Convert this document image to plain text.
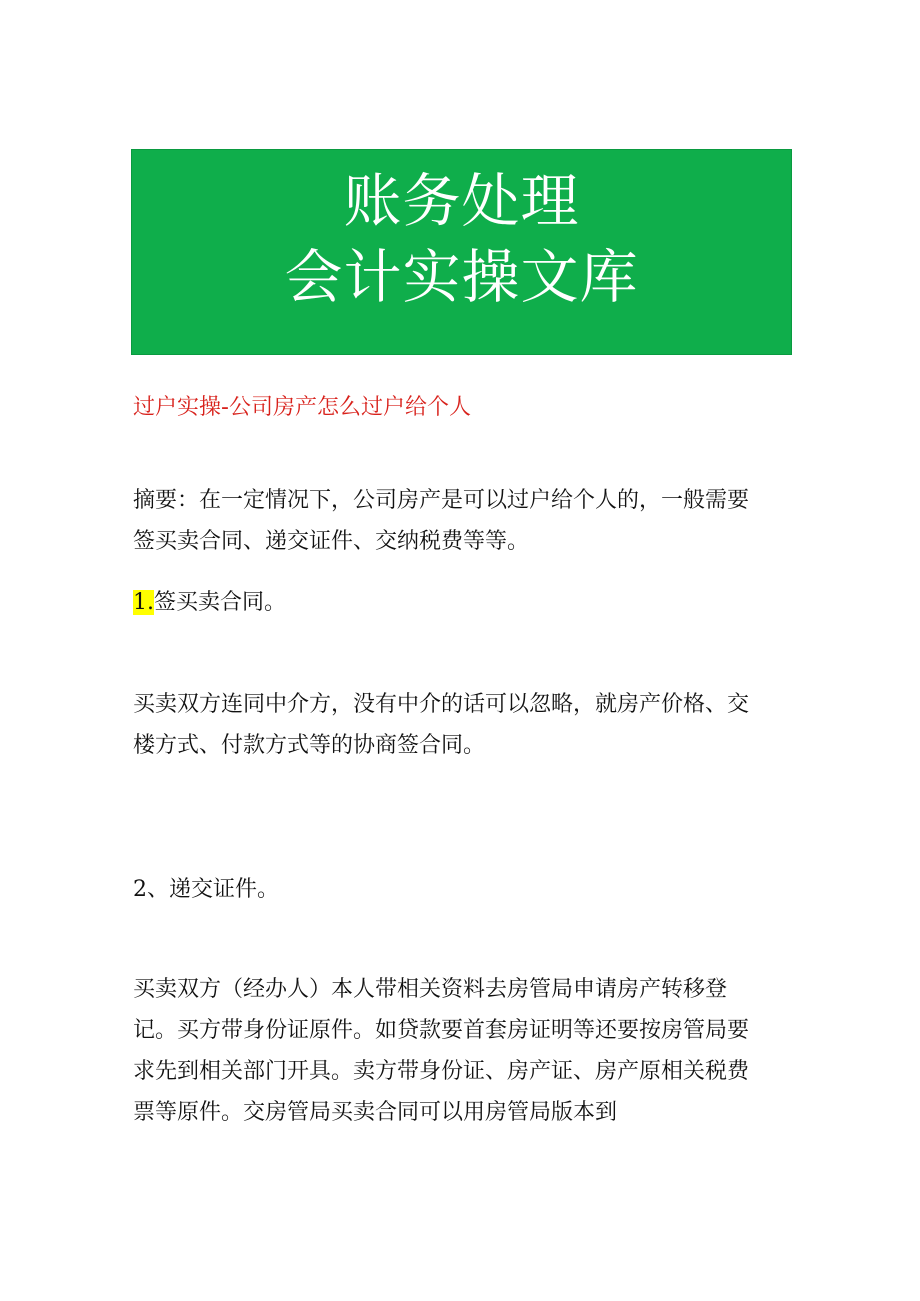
账务处理
会计实操文库
过户实操-公司房产怎么过户给个人
摘要：在一定情况下，公司房产是可以过户给个人的，一般需要
签买卖合同、递交证件、交纳税费等等。
1.签买卖合同。
买卖双方连同中介方，没有中介的话可以忽略，就房产价格、交
楼方式、付款方式等的协商签合同。
2、递交证件。
买卖双方（经办人）本人带相关资料去房管局申请房产转移登
记。买方带身份证原件。如贷款要首套房证明等还要按房管局要
求先到相关部门开具。卖方带身份证、房产证、房产原相关税费
票等原件。交房管局买卖合同可以用房管局版本到
